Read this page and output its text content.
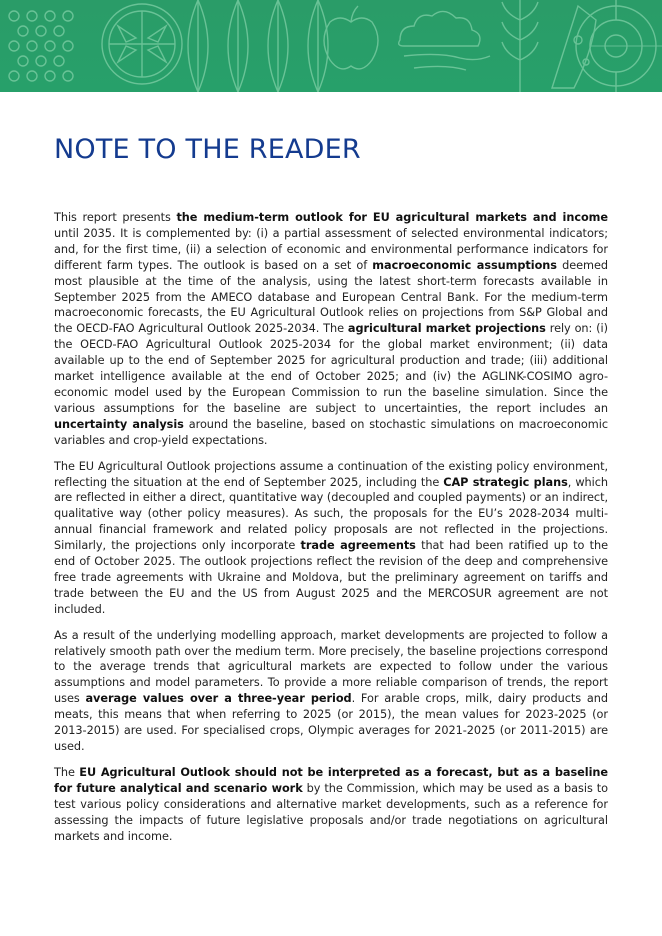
NOTE TO THE READER

This report presents the medium-term outlook for EU agricultural markets and income until 2035. It is complemented by: (i) a partial assessment of selected environmental indicators; and, for the first time, (ii) a selection of economic and environmental performance indicators for different farm types. The outlook is based on a set of macroeconomic assumptions deemed most plausible at the time of the analysis, using the latest short-term forecasts available in September 2025 from the AMECO database and European Central Bank. For the medium-term macroeconomic forecasts, the EU Agricultural Outlook relies on projections from S&P Global and the OECD-FAO Agricultural Outlook 2025-2034. The agricultural market projections rely on: (i) the OECD-FAO Agricultural Outlook 2025-2034 for the global market environment; (ii) data available up to the end of September 2025 for agricultural production and trade; (iii) additional market intelligence available at the end of October 2025; and (iv) the AGLINK-COSIMO agro-economic model used by the European Commission to run the baseline simulation. Since the various assumptions for the baseline are subject to uncertainties, the report includes an uncertainty analysis around the baseline, based on stochastic simulations on macroeconomic variables and crop-yield expectations.

The EU Agricultural Outlook projections assume a continuation of the existing policy environment, reflecting the situation at the end of September 2025, including the CAP strategic plans, which are reflected in either a direct, quantitative way (decoupled and coupled payments) or an indirect, qualitative way (other policy measures). As such, the proposals for the EU’s 2028-2034 multi-annual financial framework and related policy proposals are not reflected in the projections. Similarly, the projections only incorporate trade agreements that had been ratified up to the end of October 2025. The outlook projections reflect the revision of the deep and comprehensive free trade agreements with Ukraine and Moldova, but the preliminary agreement on tariffs and trade between the EU and the US from August 2025 and the MERCOSUR agreement are not included.

As a result of the underlying modelling approach, market developments are projected to follow a relatively smooth path over the medium term. More precisely, the baseline projections correspond to the average trends that agricultural markets are expected to follow under the various assumptions and model parameters. To provide a more reliable comparison of trends, the report uses average values over a three-year period. For arable crops, milk, dairy products and meats, this means that when referring to 2025 (or 2015), the mean values for 2023-2025 (or 2013-2015) are used. For specialised crops, Olympic averages for 2021-2025 (or 2011-2015) are used.

The EU Agricultural Outlook should not be interpreted as a forecast, but as a baseline for future analytical and scenario work by the Commission, which may be used as a basis to test various policy considerations and alternative market developments, such as a reference for assessing the impacts of future legislative proposals and/or trade negotiations on agricultural markets and income.
